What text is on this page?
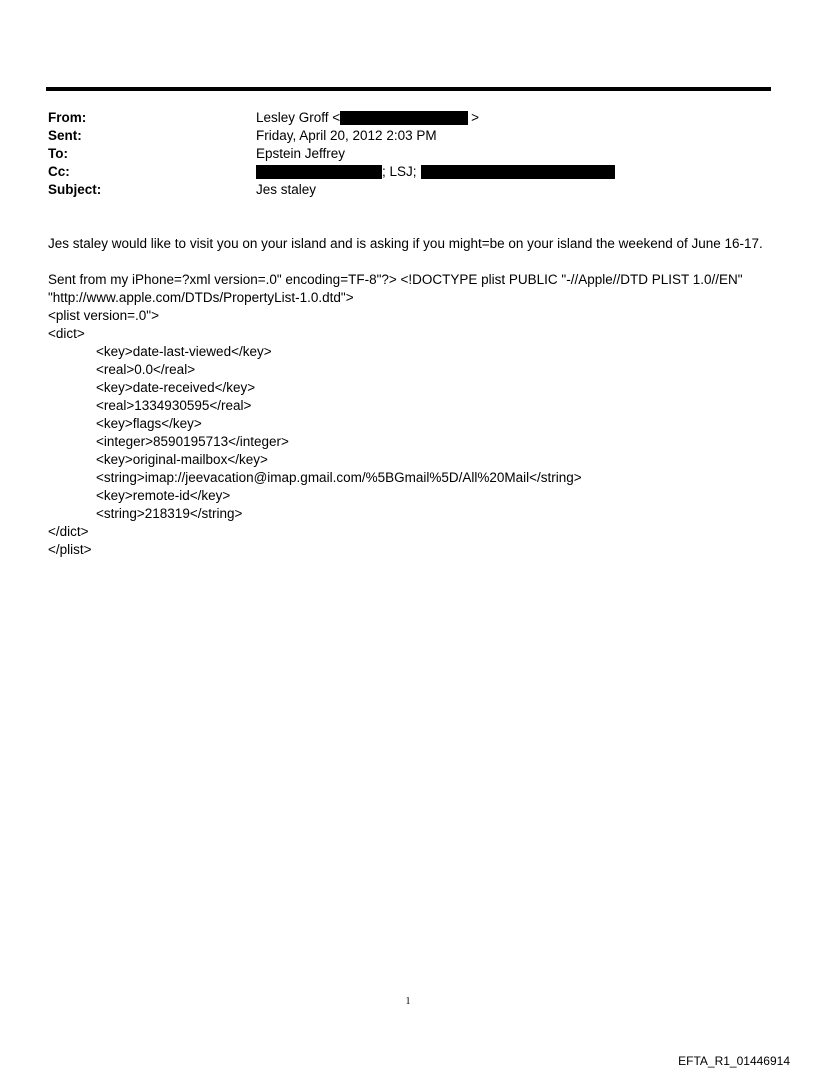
From:	Lesley Groff <	>
Sent:	Friday, April 20, 2012 2:03 PM
To:	Epstein Jeffrey
Cc:	; LSJ;
Subject:	Jes staley

Jes staley would like to visit you on your island and is asking if you might=be on your island the weekend of June 16-17.

Sent from my iPhone=?xml version=.0" encoding=TF-8"?> <!DOCTYPE plist PUBLIC "-//Apple//DTD PLIST 1.0//EN"
"http://www.apple.com/DTDs/PropertyList-1.0.dtd">
<plist version=.0">
<dict>
<key>date-last-viewed</key>
<real>0.0</real>
<key>date-received</key>
<real>1334930595</real>
<key>flags</key>
<integer>8590195713</integer>
<key>original-mailbox</key>
<string>imap://jeevacation@imap.gmail.com/%5BGmail%5D/All%20Mail</string>
<key>remote-id</key>
<string>218319</string>
</dict>
</plist>
1
EFTA_R1_01446914
